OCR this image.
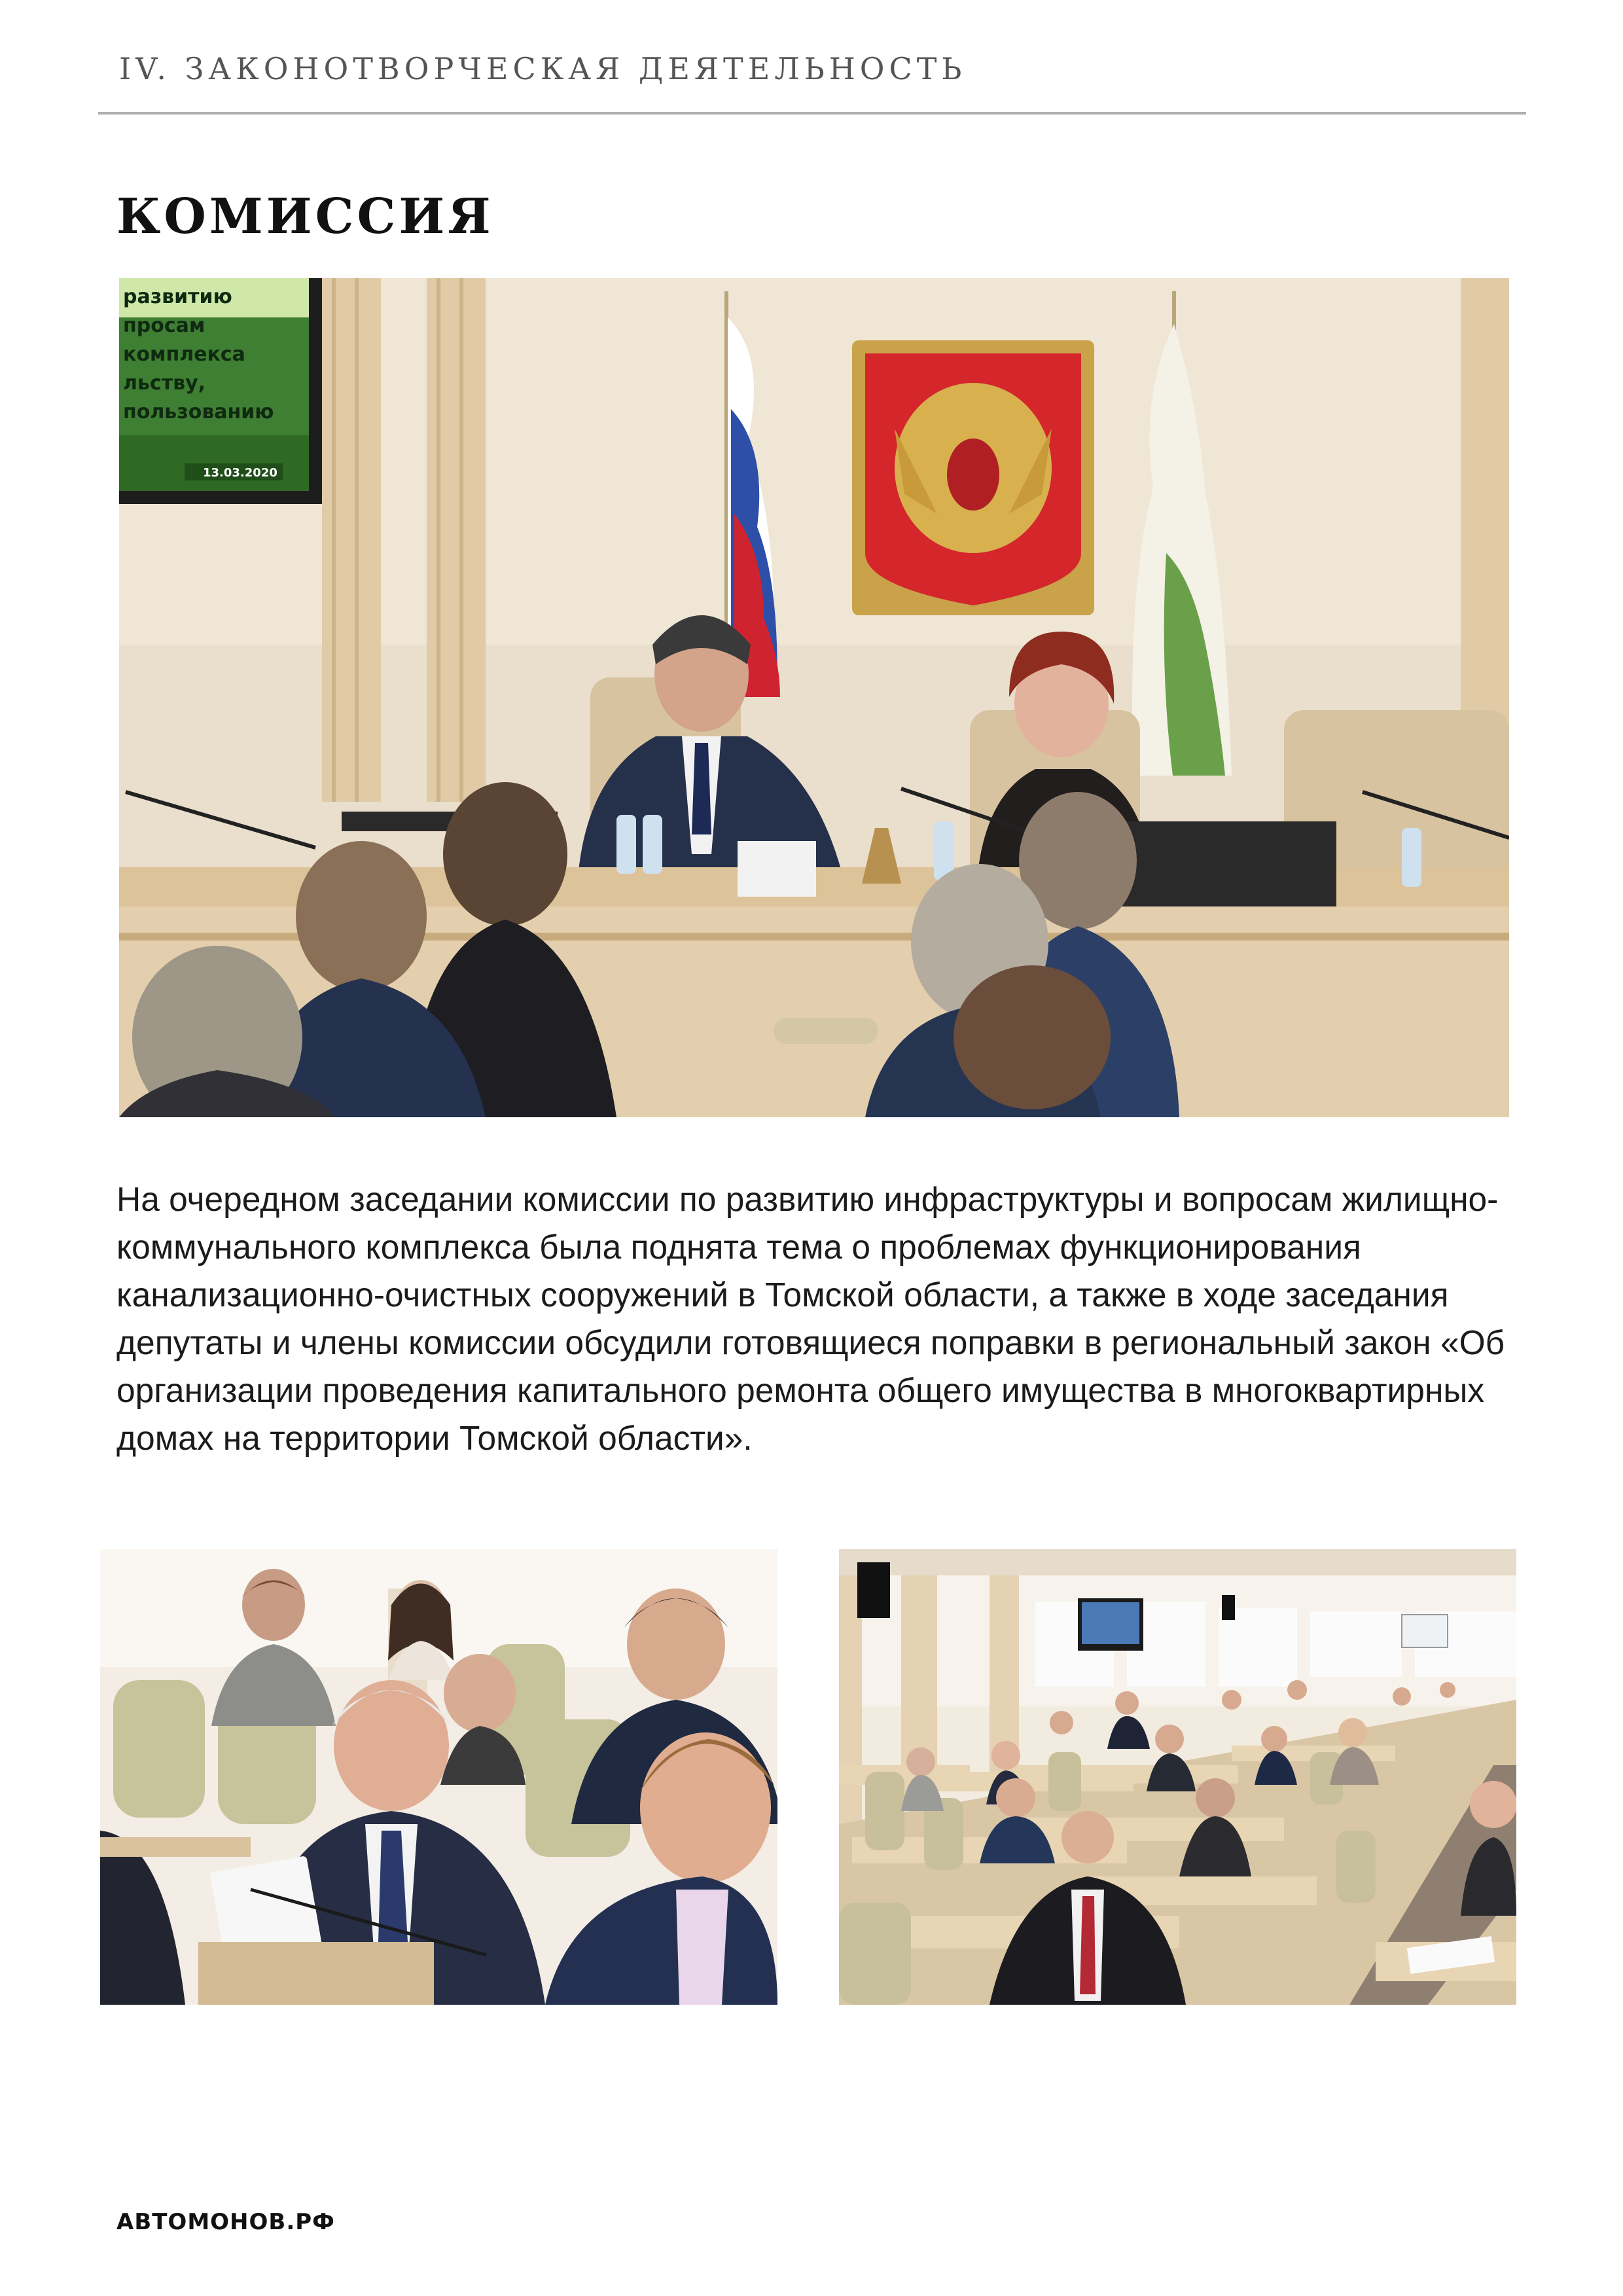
IV. ЗАКОНОТВОРЧЕСКАЯ ДЕЯТЕЛЬНОСТЬ
КОМИССИЯ
развитию
просам
комплекса
льству,
пользованию
13.03.2020

На очередном заседании комиссии по развитию инфраструктуры и вопросам жилищно-коммунального комплекса была поднята тема о проблемах функционирования канализационно-очистных сооружений в Томской области, а также в ходе заседания депутаты и члены комиссии обсудили готовящиеся поправки в региональный закон «Об организации проведения капитального ремонта общего имущества в многоквартирных домах на территории Томской области».

АВТОМОНОВ.РФ
